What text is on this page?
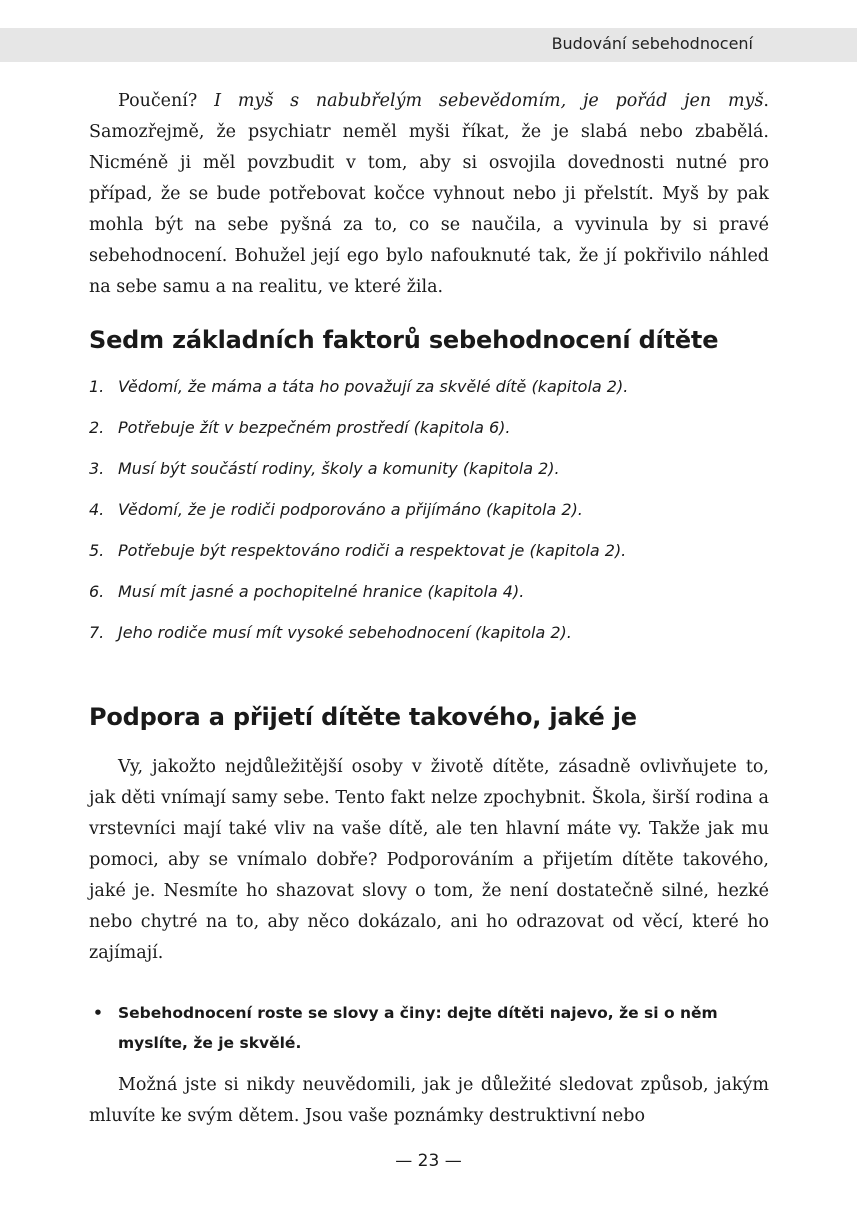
Budování sebehodnocení

Poučení? I myš s nabubřelým sebevědomím, je pořád jen myš. Samozřejmě, že psychiatr neměl myši říkat, že je slabá nebo zbabělá. Nicméně ji měl povzbudit v tom, aby si osvojila dovednosti nutné pro případ, že se bude potřebovat kočce vyhnout nebo ji přelstít. Myš by pak mohla být na sebe pyšná za to, co se naučila, a vyvinula by si pravé sebehodnocení. Bohužel její ego bylo nafouknuté tak, že jí pokřivilo náhled na sebe samu a na realitu, ve které žila.

Sedm základních faktorů sebehodnocení dítěte
1. Vědomí, že máma a táta ho považují za skvělé dítě (kapitola 2).
2. Potřebuje žít v bezpečném prostředí (kapitola 6).
3. Musí být součástí rodiny, školy a komunity (kapitola 2).
4. Vědomí, že je rodiči podporováno a přijímáno (kapitola 2).
5. Potřebuje být respektováno rodiči a respektovat je (kapitola 2).
6. Musí mít jasné a pochopitelné hranice (kapitola 4).
7. Jeho rodiče musí mít vysoké sebehodnocení (kapitola 2).
Podpora a přijetí dítěte takového, jaké je

Vy, jakožto nejdůležitější osoby v životě dítěte, zásadně ovlivňujete to, jak děti vnímají samy sebe. Tento fakt nelze zpochybnit. Škola, širší rodina a vrstevníci mají také vliv na vaše dítě, ale ten hlavní máte vy. Takže jak mu pomoci, aby se vnímalo dobře? Podporováním a přijetím dítěte takového, jaké je. Nesmíte ho shazovat slovy o tom, že není dostatečně silné, hezké nebo chytré na to, aby něco dokázalo, ani ho odrazovat od věcí, které ho zajímají.

• Sebehodnocení roste se slovy a činy: dejte dítěti najevo, že si o něm myslíte, že je skvělé.

Možná jste si nikdy neuvědomili, jak je důležité sledovat způsob, jakým mluvíte ke svým dětem. Jsou vaše poznámky destruktivní nebo

— 23 —
